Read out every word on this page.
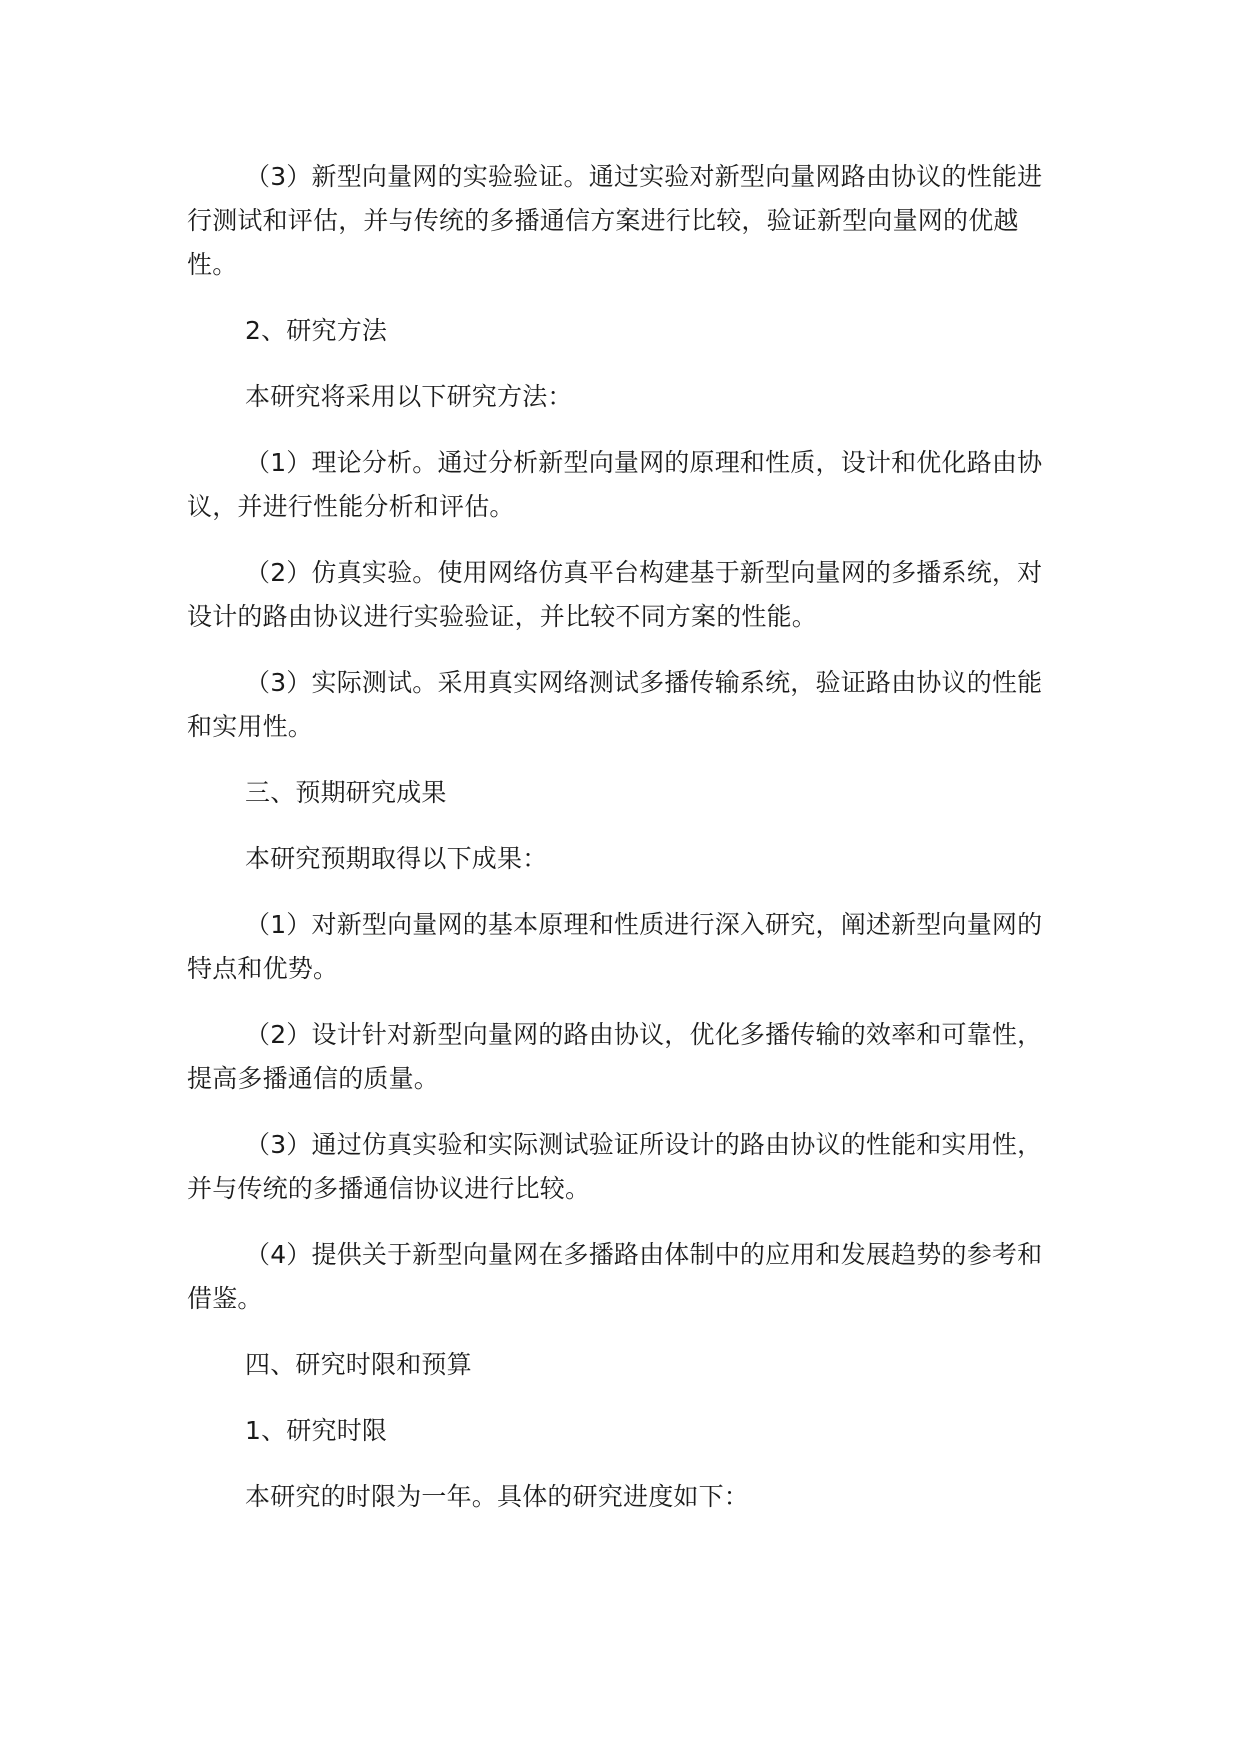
（3）新型向量网的实验验证。通过实验对新型向量网路由协议的性能进行测试和评估，并与传统的多播通信方案进行比较，验证新型向量网的优越性。

2、研究方法

本研究将采用以下研究方法：

（1）理论分析。通过分析新型向量网的原理和性质，设计和优化路由协议，并进行性能分析和评估。

（2）仿真实验。使用网络仿真平台构建基于新型向量网的多播系统，对设计的路由协议进行实验验证，并比较不同方案的性能。

（3）实际测试。采用真实网络测试多播传输系统，验证路由协议的性能和实用性。

三、预期研究成果

本研究预期取得以下成果：

（1）对新型向量网的基本原理和性质进行深入研究，阐述新型向量网的特点和优势。

（2）设计针对新型向量网的路由协议，优化多播传输的效率和可靠性，提高多播通信的质量。

（3）通过仿真实验和实际测试验证所设计的路由协议的性能和实用性，并与传统的多播通信协议进行比较。

（4）提供关于新型向量网在多播路由体制中的应用和发展趋势的参考和借鉴。

四、研究时限和预算

1、研究时限

本研究的时限为一年。具体的研究进度如下：
